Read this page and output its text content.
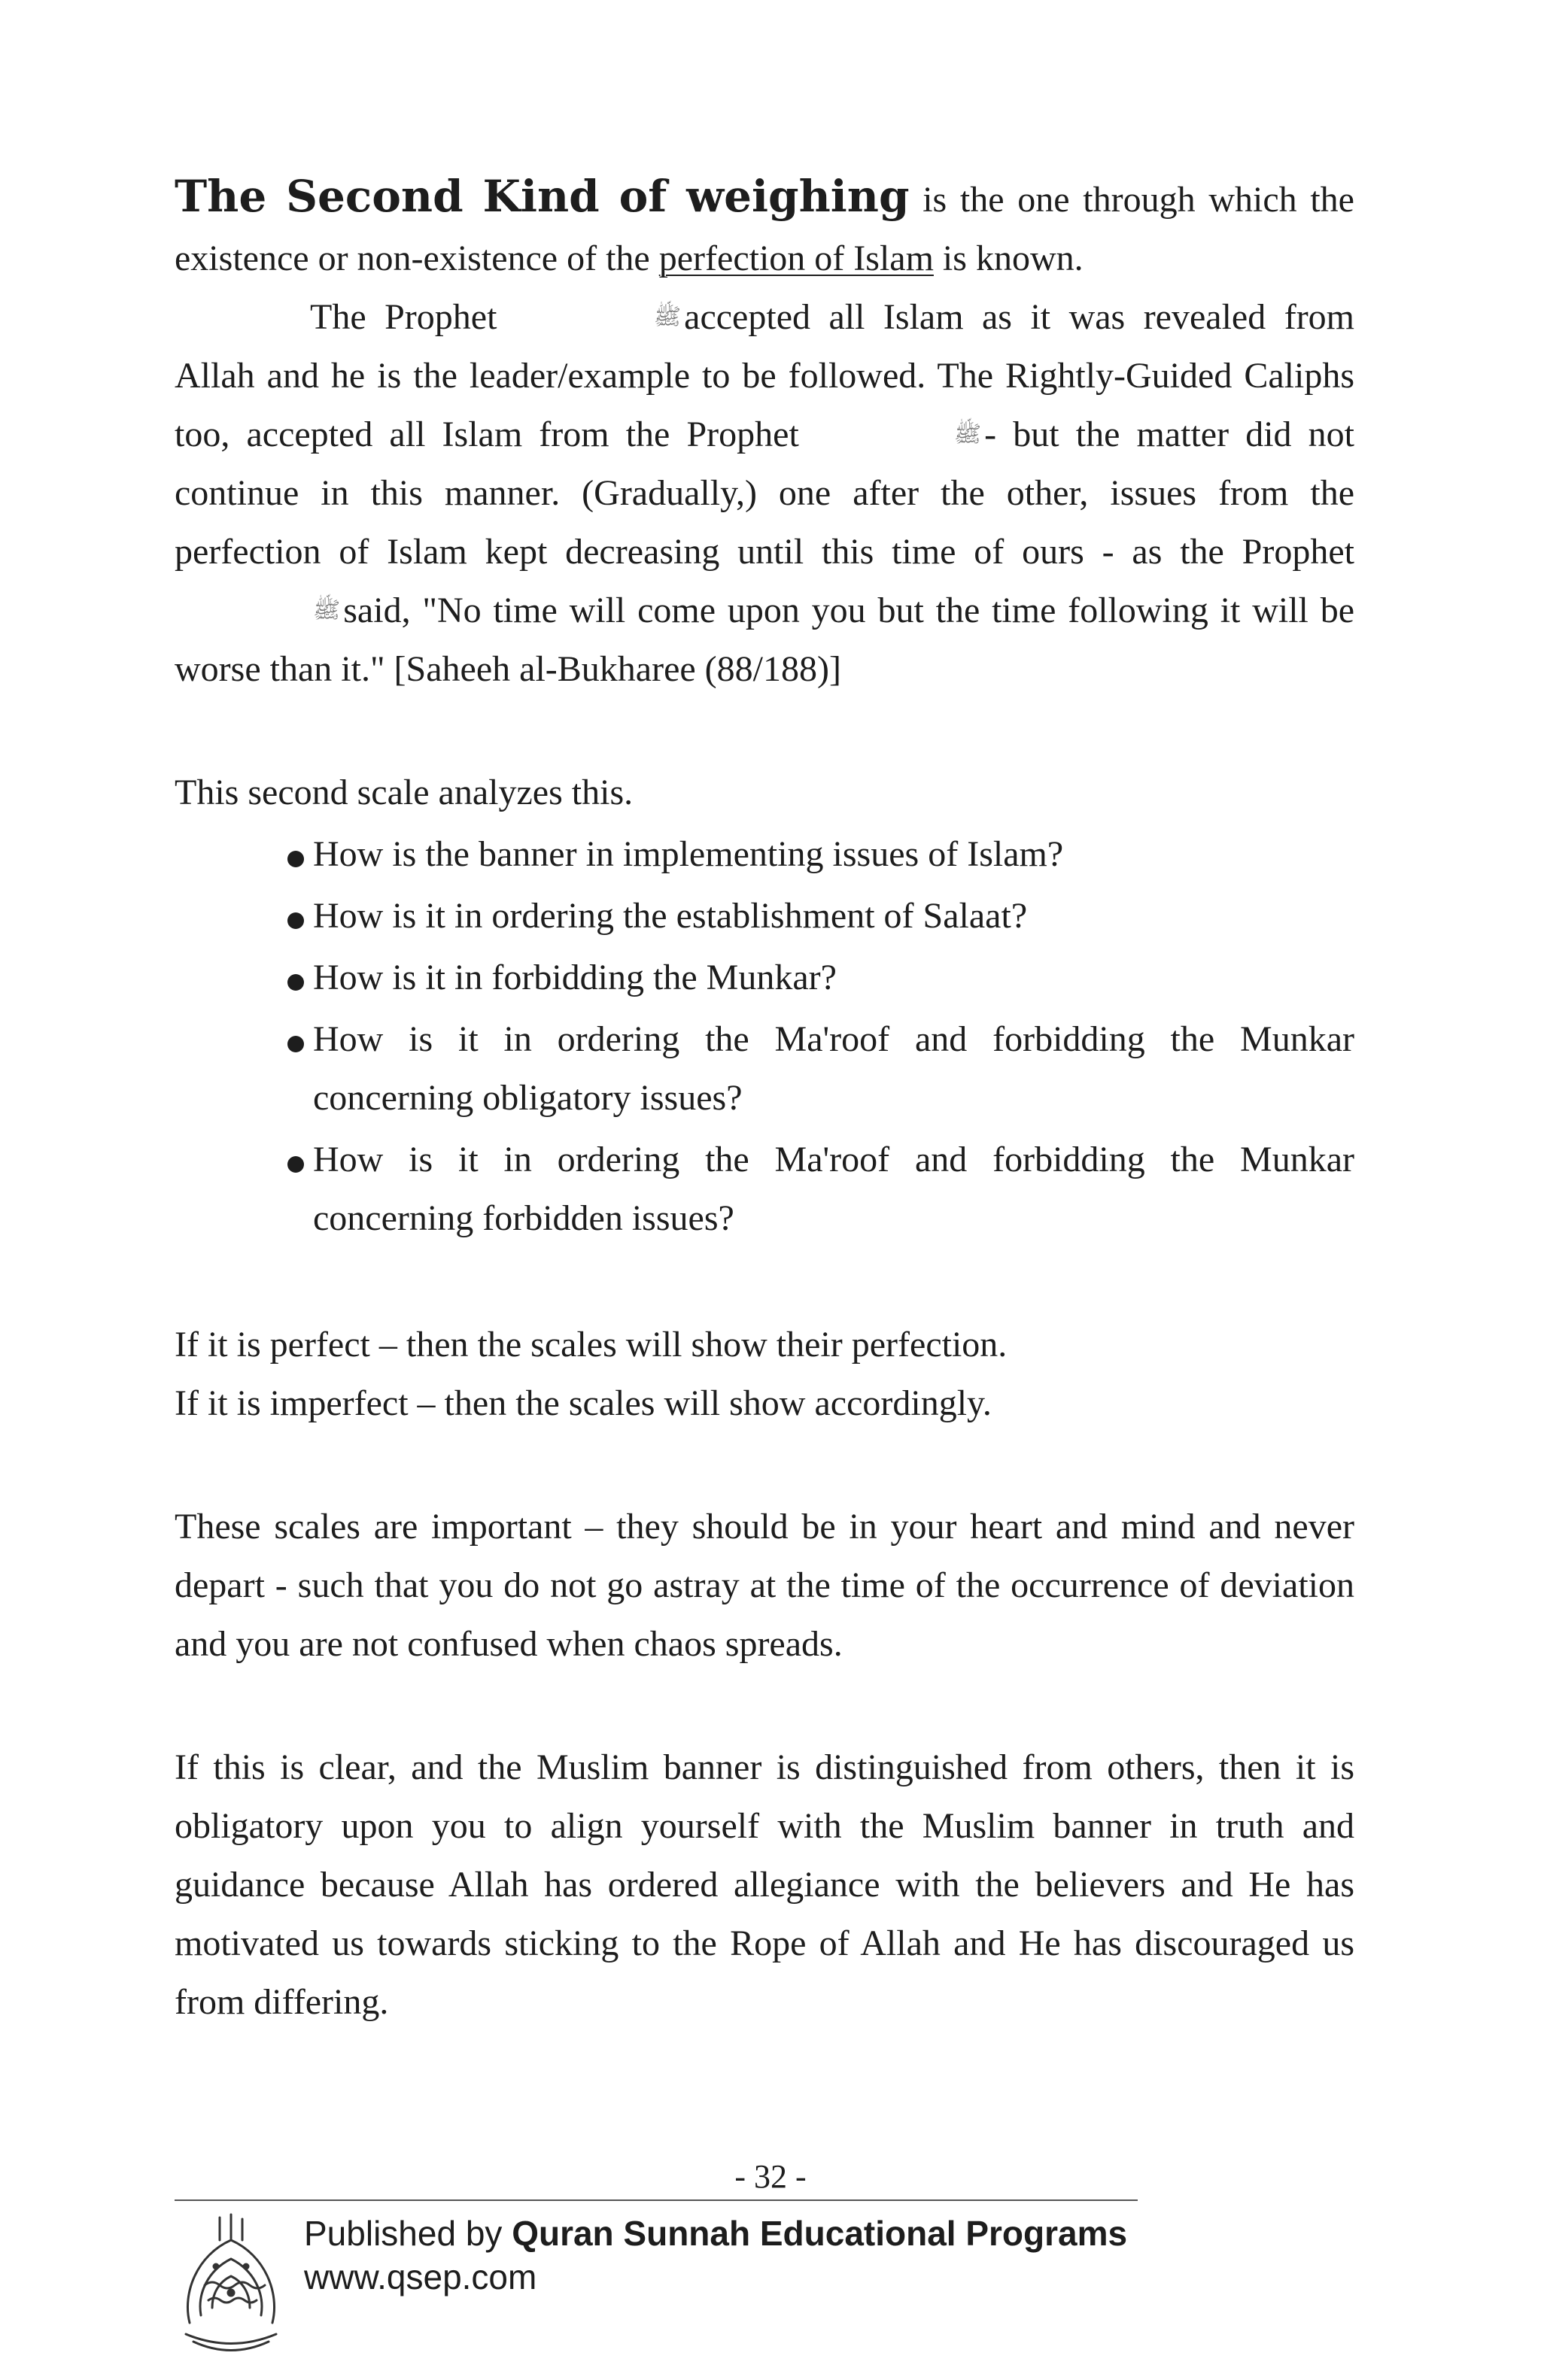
The Second Kind of weighing is the one through which the existence or non-existence of the perfection of Islam is known.

The Prophet	ﷺaccepted all Islam as it was revealed from Allah and he is the leader/example to be followed. The Rightly-Guided Caliphs too, accepted all Islam from the Prophet	ﷺ- but the matter did not continue in this manner. (Gradually,) one after the other, issues from the perfection of Islam kept decreasing until this time of ours - as the Prophet ﷺsaid, "No time will come upon you but the time following it will be worse than it." [Saheeh al-Bukharee (88/188)]

This second scale analyzes this.

How is the banner in implementing issues of Islam?
How is it in ordering the establishment of Salaat?
How is it in forbidding the Munkar?
How is it in ordering the Ma'roof and forbidding the Munkar concerning obligatory issues?
How is it in ordering the Ma'roof and forbidding the Munkar concerning forbidden issues?

If it is perfect – then the scales will show their perfection.

If it is imperfect – then the scales will show accordingly.

These scales are important – they should be in your heart and mind and never depart - such that you do not go astray at the time of the occurrence of deviation and you are not confused when chaos spreads.

If this is clear, and the Muslim banner is distinguished from others, then it is obligatory upon you to align yourself with the Muslim banner in truth and guidance because Allah has ordered allegiance with the believers and He has motivated us towards sticking to the Rope of Allah and He has discouraged us from differing.

- 32 -
Published by Quran Sunnah Educational Programs
www.qsep.com
